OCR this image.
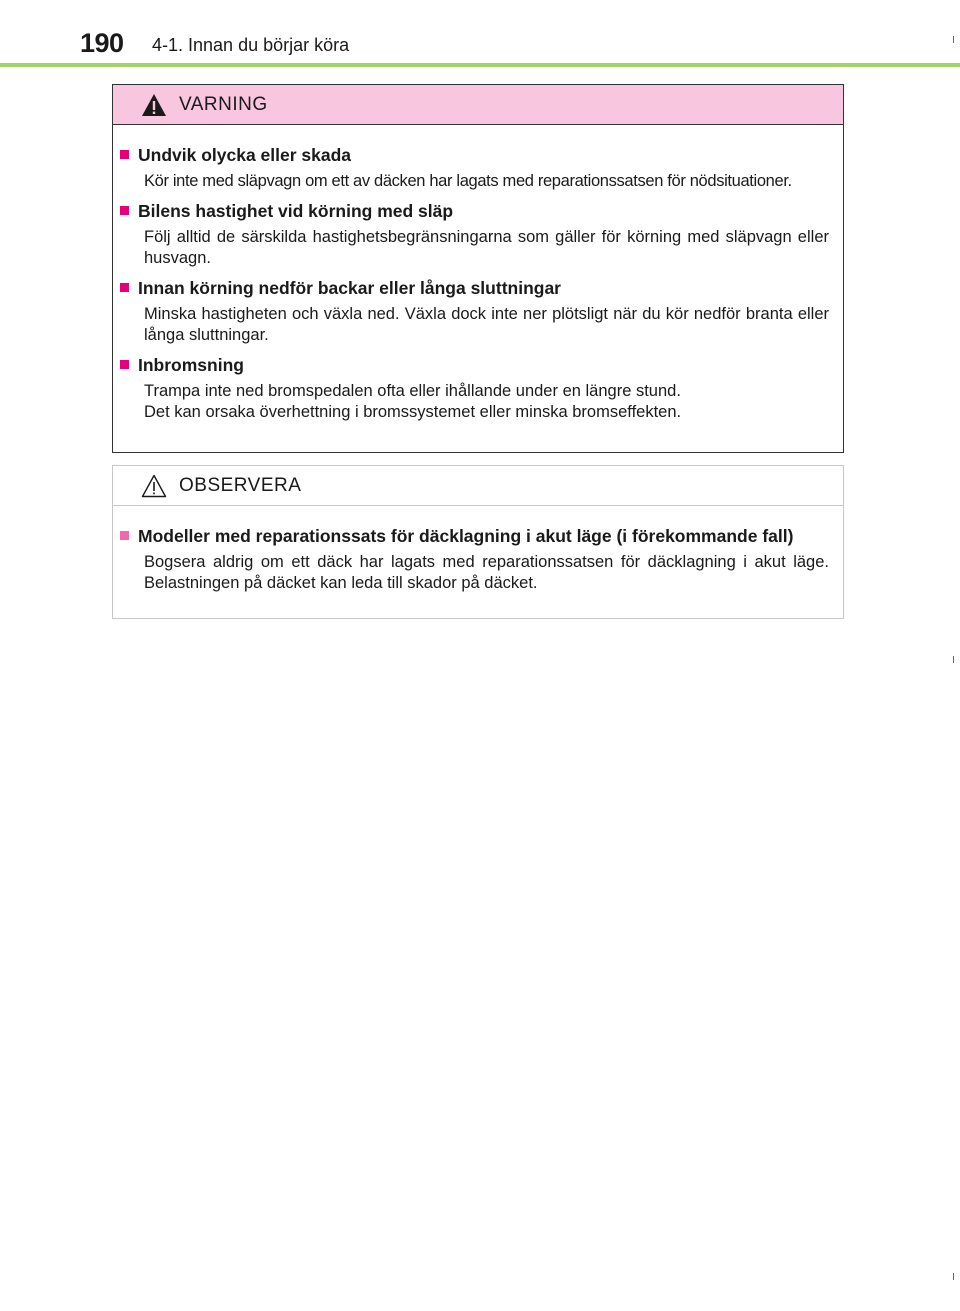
190 4-1. Innan du börjar köra
VARNING
Undvik olycka eller skada
Kör inte med släpvagn om ett av däcken har lagats med reparationssatsen för nödsituationer.
Bilens hastighet vid körning med släp
Följ alltid de särskilda hastighetsbegränsningarna som gäller för körning med släpvagn eller husvagn.
Innan körning nedför backar eller långa sluttningar
Minska hastigheten och växla ned. Växla dock inte ner plötsligt när du kör nedför branta eller långa sluttningar.
Inbromsning
Trampa inte ned bromspedalen ofta eller ihållande under en längre stund.
Det kan orsaka överhettning i bromssystemet eller minska bromseffekten.
OBSERVERA
Modeller med reparationssats för däcklagning i akut läge (i förekommande fall)
Bogsera aldrig om ett däck har lagats med reparationssatsen för däcklagning i akut läge. Belastningen på däcket kan leda till skador på däcket.
